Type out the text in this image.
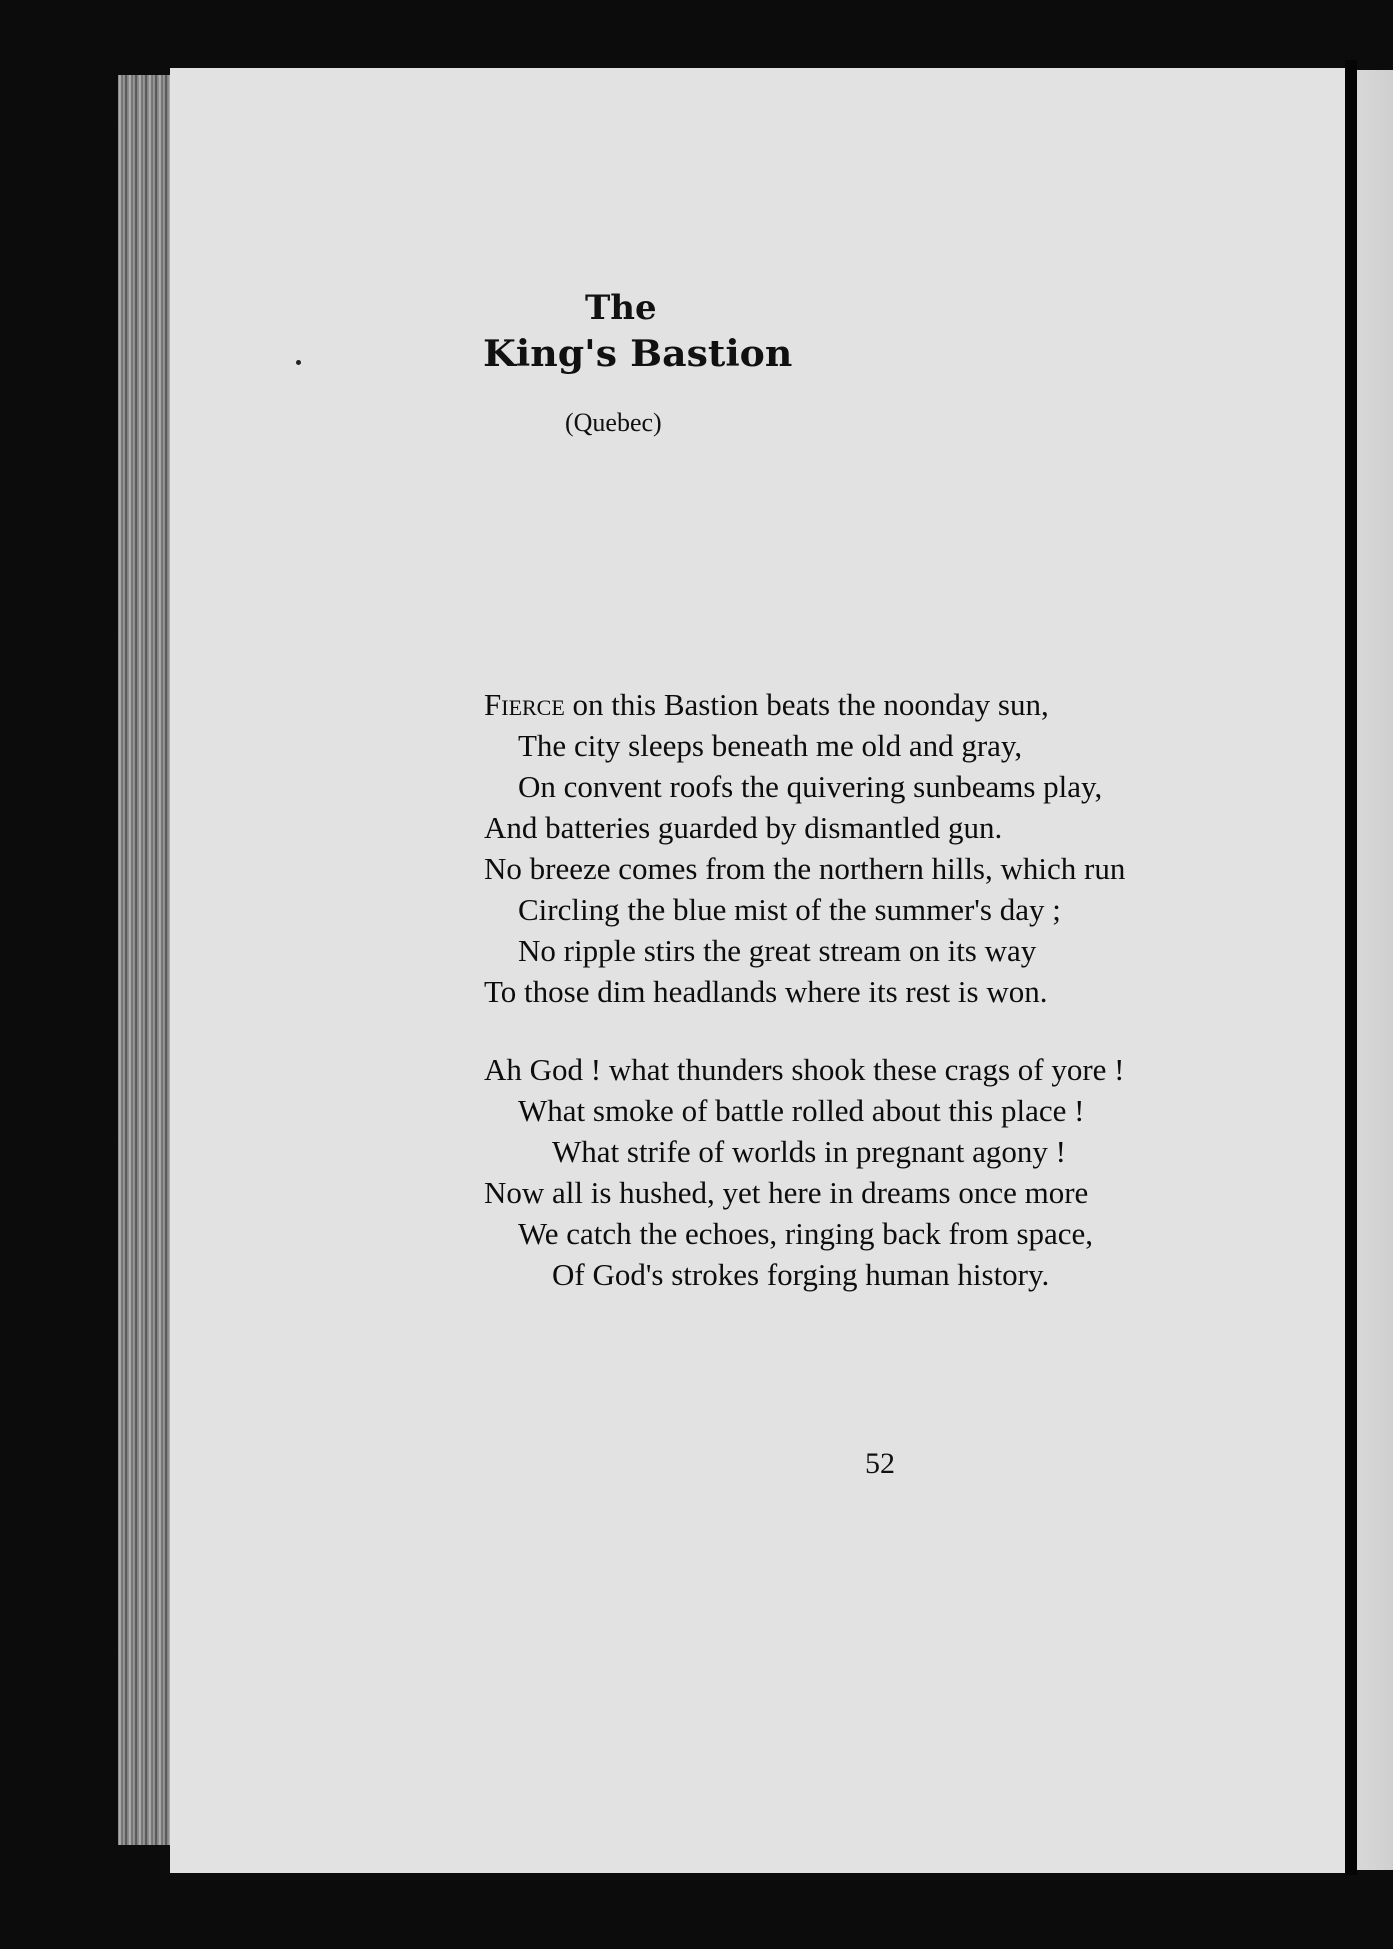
The
King's Bastion
(Quebec)
Fierce on this Bastion beats the noonday sun,
The city sleeps beneath me old and gray,
On convent roofs the quivering sunbeams play,
And batteries guarded by dismantled gun.
No breeze comes from the northern hills, which run
Circling the blue mist of the summer's day ;
No ripple stirs the great stream on its way
To those dim headlands where its rest is won.
Ah God ! what thunders shook these crags of yore !
What smoke of battle rolled about this place !
What strife of worlds in pregnant agony !
Now all is hushed, yet here in dreams once more
We catch the echoes, ringing back from space,
Of God's strokes forging human history.
52
